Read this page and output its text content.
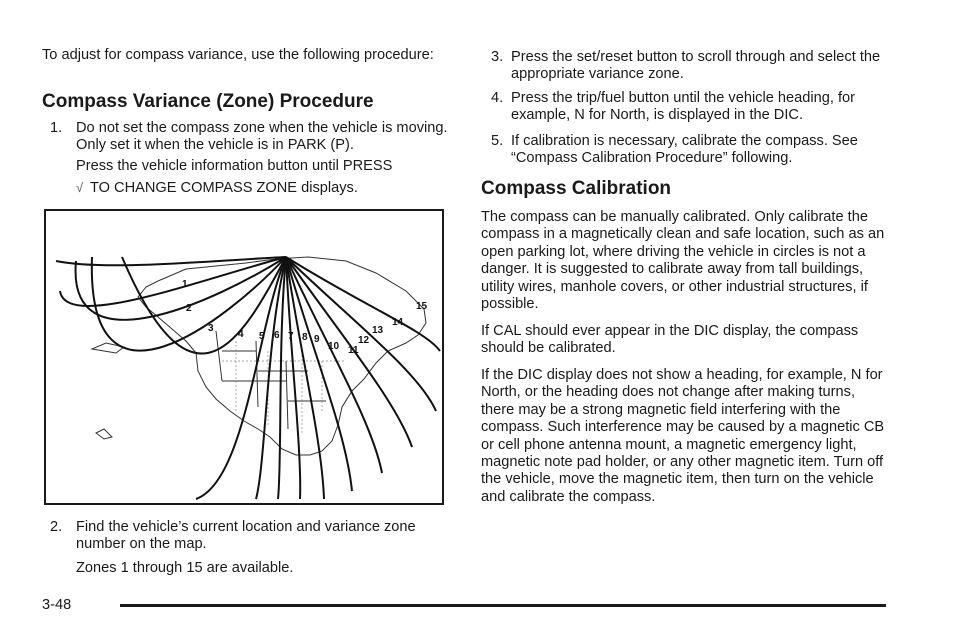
To adjust for compass variance, use the following procedure:

Compass Variance (Zone) Procedure

1. Do not set the compass zone when the vehicle is moving. Only set it when the vehicle is in PARK (P).

Press the vehicle information button until PRESS

√ TO CHANGE COMPASS ZONE displays.

2. Find the vehicle’s current location and variance zone number on the map.

Zones 1 through 15 are available.

1
2
3
4 5 6 7 8 9
10 11
12
13
14
15

3. Press the set/reset button to scroll through and select the appropriate variance zone.

4. Press the trip/fuel button until the vehicle heading, for example, N for North, is displayed in the DIC.

5. If calibration is necessary, calibrate the compass. See “Compass Calibration Procedure” following.

Compass Calibration

The compass can be manually calibrated. Only calibrate the compass in a magnetically clean and safe location, such as an open parking lot, where driving the vehicle in circles is not a danger. It is suggested to calibrate away from tall buildings, utility wires, manhole covers, or other industrial structures, if possible.

If CAL should ever appear in the DIC display, the compass should be calibrated.

If the DIC display does not show a heading, for example, N for North, or the heading does not change after making turns, there may be a strong magnetic field interfering with the compass. Such interference may be caused by a magnetic CB or cell phone antenna mount, a magnetic emergency light, magnetic note pad holder, or any other magnetic item. Turn off the vehicle, move the magnetic item, then turn on the vehicle and calibrate the compass.

3-48
